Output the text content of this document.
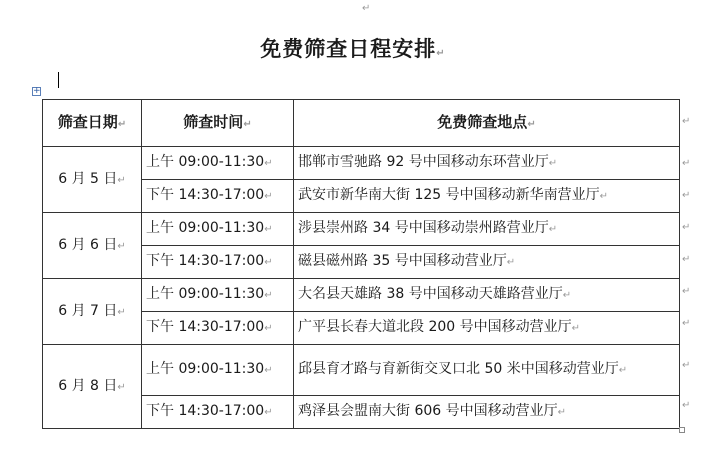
↵
免费筛查日程安排↵
+
筛查日期↵	筛查时间↵	免费筛查地点↵
6 月 5 日↵	上午 09:00-11:30↵	邯郸市雪驰路 92 号中国移动东环营业厅↵
	下午 14:30-17:00↵	武安市新华南大街 125 号中国移动新华南营业厅↵
6 月 6 日↵	上午 09:00-11:30↵	涉县崇州路 34 号中国移动崇州路营业厅↵
	下午 14:30-17:00↵	磁县磁州路 35 号中国移动营业厅↵
6 月 7 日↵	上午 09:00-11:30↵	大名县天雄路 38 号中国移动天雄路营业厅↵
	下午 14:30-17:00↵	广平县长春大道北段 200 号中国移动营业厅↵
6 月 8 日↵	上午 09:00-11:30↵	邱县育才路与育新街交叉口北 50 米中国移动营业厅↵
	下午 14:30-17:00↵	鸡泽县会盟南大街 606 号中国移动营业厅↵
↵
↵
↵
↵
↵
↵
↵
↵
↵
